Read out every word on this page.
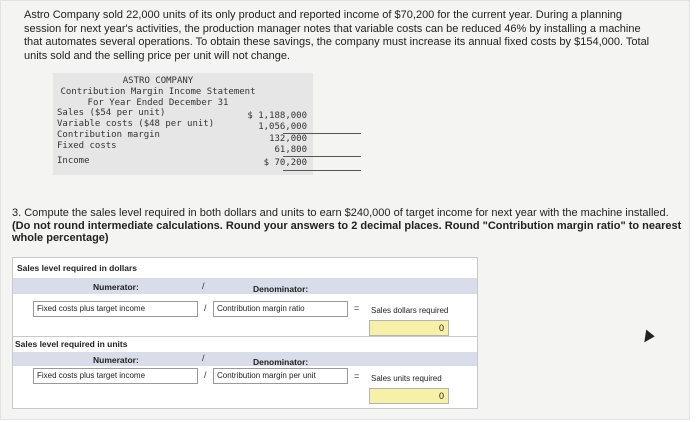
Astro Company sold 22,000 units of its only product and reported income of $70,200 for the current year. During a planning session for next year's activities, the production manager notes that variable costs can be reduced 46% by installing a machine that automates several operations. To obtain these savings, the company must increase its annual fixed costs by $154,000. Total units sold and the selling price per unit will not change.

ASTRO COMPANY
Contribution Margin Income Statement
For Year Ended December 31
Sales ($54 per unit)	$ 1,188,000
Variable costs ($48 per unit)	1,056,000
Contribution margin	132,000
Fixed costs	61,800
Income	$ 70,200

3. Compute the sales level required in both dollars and units to earn $240,000 of target income for next year with the machine installed. (Do not round intermediate calculations. Round your answers to 2 decimal places. Round "Contribution margin ratio" to nearest whole percentage)

Sales level required in dollars
Numerator:	/	Denominator:
Fixed costs plus target income	/	Contribution margin ratio	= Sales dollars required
0
Sales level required in units
Numerator:	/	Denominator:
Fixed costs plus target income	/	Contribution margin per unit	= Sales units required
0
